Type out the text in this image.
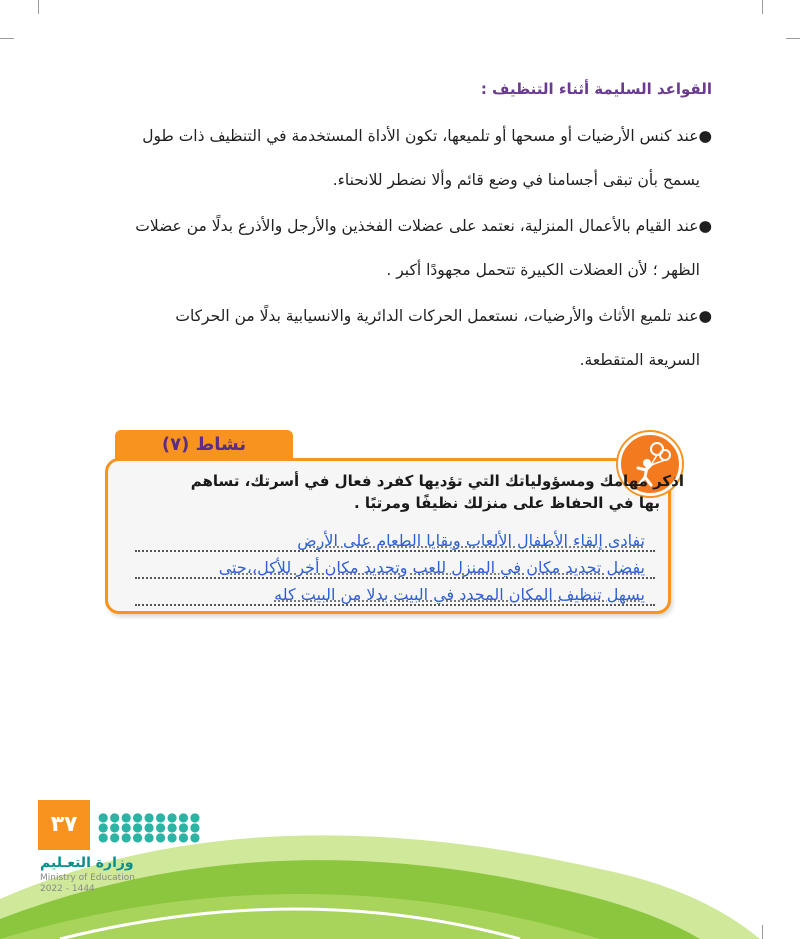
القواعد السليمة أثناء التنظيف :
●عند كنس الأرضيات أو مسحها أو تلميعها، تكون الأداة المستخدمة في التنظيف ذات طول
يسمح بأن تبقى أجسامنا في وضع قائم وألا نضطر للانحناء.
●عند القيام بالأعمال المنزلية، نعتمد على عضلات الفخذين والأرجل والأذرع بدلًا من عضلات
الظهر ؛ لأن العضلات الكبيرة تتحمل مجهودًا أكبر .
●عند تلميع الأثاث والأرضيات، نستعمل الحركات الدائرية والانسيابية بدلًا من الحركات
السريعة المتقطعة.
نشاط (٧)
اذكر مهامك ومسؤولياتك التي تؤديها كفرد فعال في أسرتك، تساهم
بها في الحفاظ على منزلك نظيفًا ومرتبًا .
تفادى إلقاء الأطفال الألعاب وبقايا الطعام على الأرض
يفضل تحديد مكان في المنزل للعب وتحديد مكان أخر للأكل،،حتى
يسهل تنظيف المكان المحدد في البيت بدلا من البيت كله
٣٧	●●●●●●●●●
●●●●●●●●●
●●●●●●●●●
وزارة التعـليم
Ministry of Education
2022 - 1444
